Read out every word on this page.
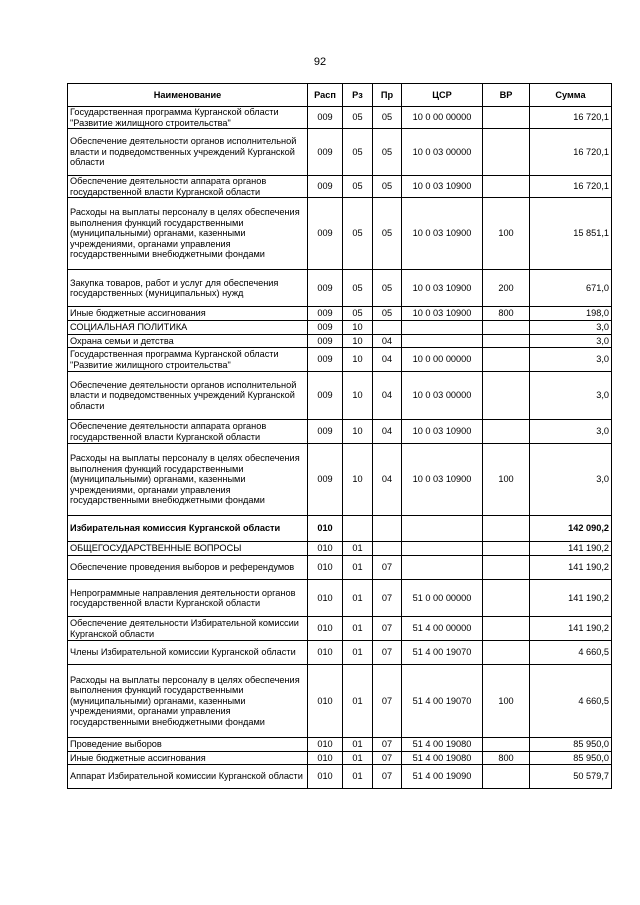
92
Наименование	Расп	Рз	Пр	ЦСР	ВР	Сумма
Государственная программа Курганской области "Развитие жилищного строительства"	009	05	05	10 0 00 00000		16 720,1
Обеспечение деятельности органов исполнительной власти и подведомственных учреждений Курганской области	009	05	05	10 0 03 00000		16 720,1
Обеспечение деятельности аппарата органов государственной власти Курганской области	009	05	05	10 0 03 10900		16 720,1
Расходы на выплаты персоналу в целях обеспечения выполнения функций государственными (муниципальными) органами, казенными учреждениями, органами управления государственными внебюджетными фондами	009	05	05	10 0 03 10900	100	15 851,1
Закупка товаров, работ и услуг для обеспечения государственных (муниципальных) нужд	009	05	05	10 0 03 10900	200	671,0
Иные бюджетные ассигнования	009	05	05	10 0 03 10900	800	198,0
СОЦИАЛЬНАЯ ПОЛИТИКА	009	10				3,0
Охрана семьи и детства	009	10	04			3,0
Государственная программа Курганской области "Развитие жилищного строительства"	009	10	04	10 0 00 00000		3,0
Обеспечение деятельности органов исполнительной власти и подведомственных учреждений Курганской области	009	10	04	10 0 03 00000		3,0
Обеспечение деятельности аппарата органов государственной власти Курганской области	009	10	04	10 0 03 10900		3,0
Расходы на выплаты персоналу в целях обеспечения выполнения функций государственными (муниципальными) органами, казенными учреждениями, органами управления государственными внебюджетными фондами	009	10	04	10 0 03 10900	100	3,0
Избирательная комиссия Курганской области	010					142 090,2
ОБЩЕГОСУДАРСТВЕННЫЕ ВОПРОСЫ	010	01				141 190,2
Обеспечение проведения выборов и референдумов	010	01	07			141 190,2
Непрограммные направления деятельности органов государственной власти Курганской области	010	01	07	51 0 00 00000		141 190,2
Обеспечение деятельности Избирательной комиссии Курганской области	010	01	07	51 4 00 00000		141 190,2
Члены Избирательной комиссии Курганской области	010	01	07	51 4 00 19070		4 660,5
Расходы на выплаты персоналу в целях обеспечения выполнения функций государственными (муниципальными) органами, казенными учреждениями, органами управления государственными внебюджетными фондами	010	01	07	51 4 00 19070	100	4 660,5
Проведение выборов	010	01	07	51 4 00 19080		85 950,0
Иные бюджетные ассигнования	010	01	07	51 4 00 19080	800	85 950,0
Аппарат Избирательной комиссии Курганской области	010	01	07	51 4 00 19090		50 579,7
